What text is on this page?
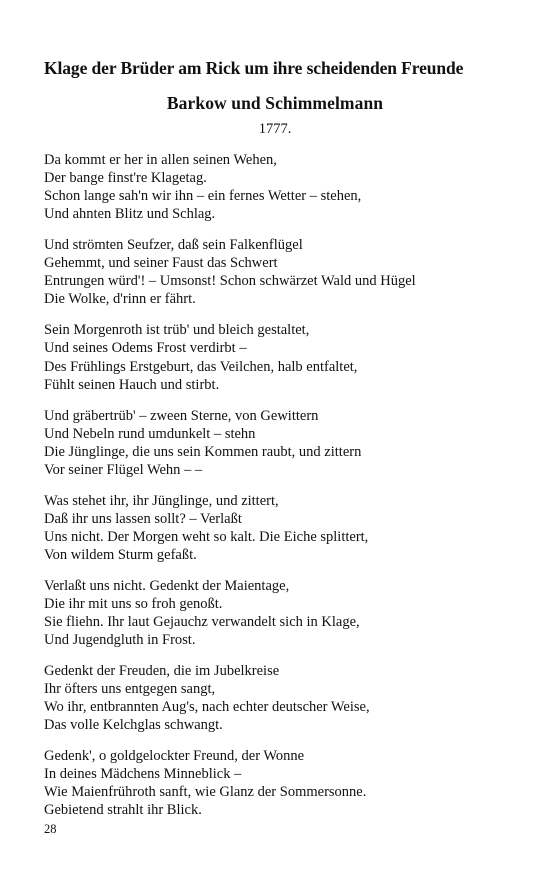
Klage der Brüder am Rick um ihre scheidenden Freunde
Barkow und Schimmelmann
1777.
Da kommt er her in allen seinen Wehen,
Der bange finst're Klagetag.
Schon lange sah'n wir ihn – ein fernes Wetter – stehen,
Und ahnten Blitz und Schlag.
Und strömten Seufzer, daß sein Falkenflügel
Gehemmt, und seiner Faust das Schwert
Entrungen würd'! – Umsonst! Schon schwärzet Wald und Hügel
Die Wolke, d'rinn er fährt.
Sein Morgenroth ist trüb' und bleich gestaltet,
Und seines Odems Frost verdirbt –
Des Frühlings Erstgeburt, das Veilchen, halb entfaltet,
Fühlt seinen Hauch und stirbt.
Und gräbertrüb' – zween Sterne, von Gewittern
Und Nebeln rund umdunkelt – stehn
Die Jünglinge, die uns sein Kommen raubt, und zittern
Vor seiner Flügel Wehn – –
Was stehet ihr, ihr Jünglinge, und zittert,
Daß ihr uns lassen sollt? – Verlaßt
Uns nicht. Der Morgen weht so kalt. Die Eiche splittert,
Von wildem Sturm gefaßt.
Verlaßt uns nicht. Gedenkt der Maientage,
Die ihr mit uns so froh genoßt.
Sie fliehn. Ihr laut Gejauchz verwandelt sich in Klage,
Und Jugendgluth in Frost.
Gedenkt der Freuden, die im Jubelkreise
Ihr öfters uns entgegen sangt,
Wo ihr, entbrannten Aug's, nach echter deutscher Weise,
Das volle Kelchglas schwangt.
Gedenk', o goldgelockter Freund, der Wonne
In deines Mädchens Minneblick –
Wie Maienfrühroth sanft, wie Glanz der Sommersonne.
Gebietend strahlt ihr Blick.
28
